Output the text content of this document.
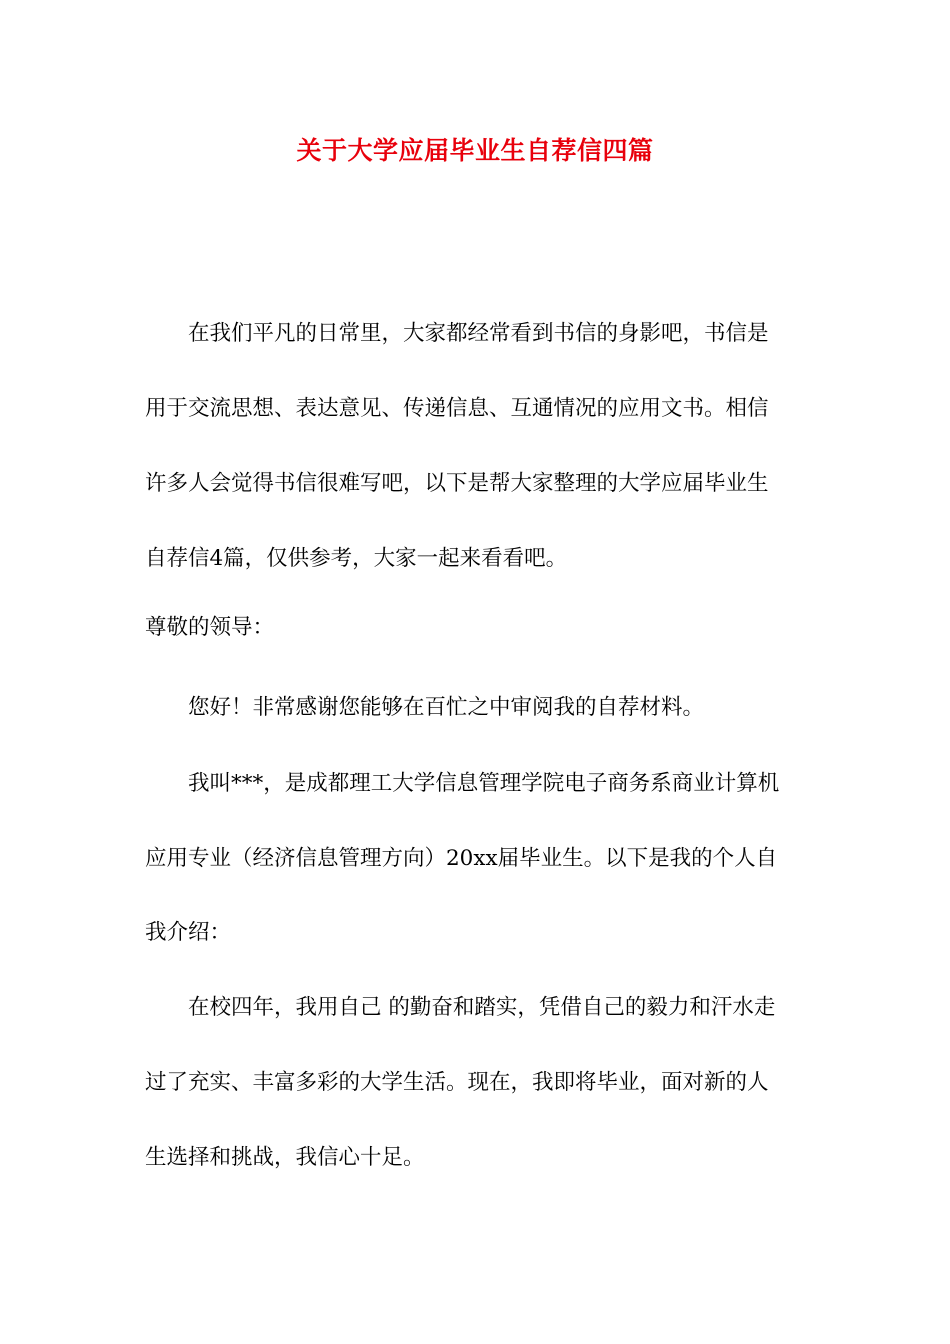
关于大学应届毕业生自荐信四篇
在我们平凡的日常里，大家都经常看到书信的身影吧，书信是
用于交流思想、表达意见、传递信息、互通情况的应用文书。相信
许多人会觉得书信很难写吧，以下是帮大家整理的大学应届毕业生
自荐信4篇，仅供参考，大家一起来看看吧。
尊敬的领导：
您好！非常感谢您能够在百忙之中审阅我的自荐材料。
我叫***，是成都理工大学信息管理学院电子商务系商业计算机
应用专业（经济信息管理方向）20xx届毕业生。以下是我的个人自
我介绍：
在校四年，我用自己 的勤奋和踏实，凭借自己的毅力和汗水走
过了充实、丰富多彩的大学生活。现在，我即将毕业，面对新的人
生选择和挑战，我信心十足。
